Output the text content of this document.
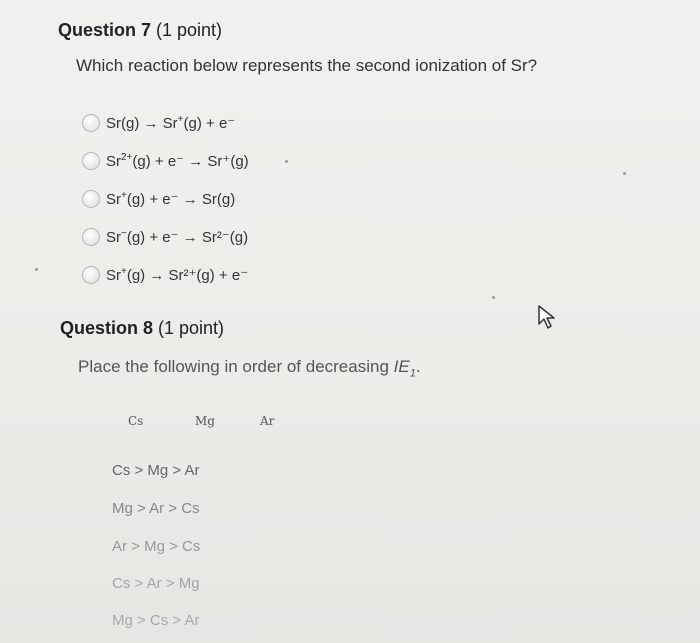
Question 7 (1 point)
Which reaction below represents the second ionization of Sr?
Sr(g) → Sr+(g) + e⁻
$Sr^{2+}(g) + e^- \to Sr^+(g)$
Sr+(g) + e⁻ → Sr(g)
Sr−(g) + e⁻ → Sr²⁻(g)
Sr+(g) → Sr²⁺(g) + e⁻
Question 8 (1 point)
Place the following in order of decreasing $IE_1$.
Cs	Mg	Ar
Cs > Mg > Ar
Mg > Ar > Cs
Ar > Mg > Cs
Cs > Ar > Mg
Mg > Cs > Ar
